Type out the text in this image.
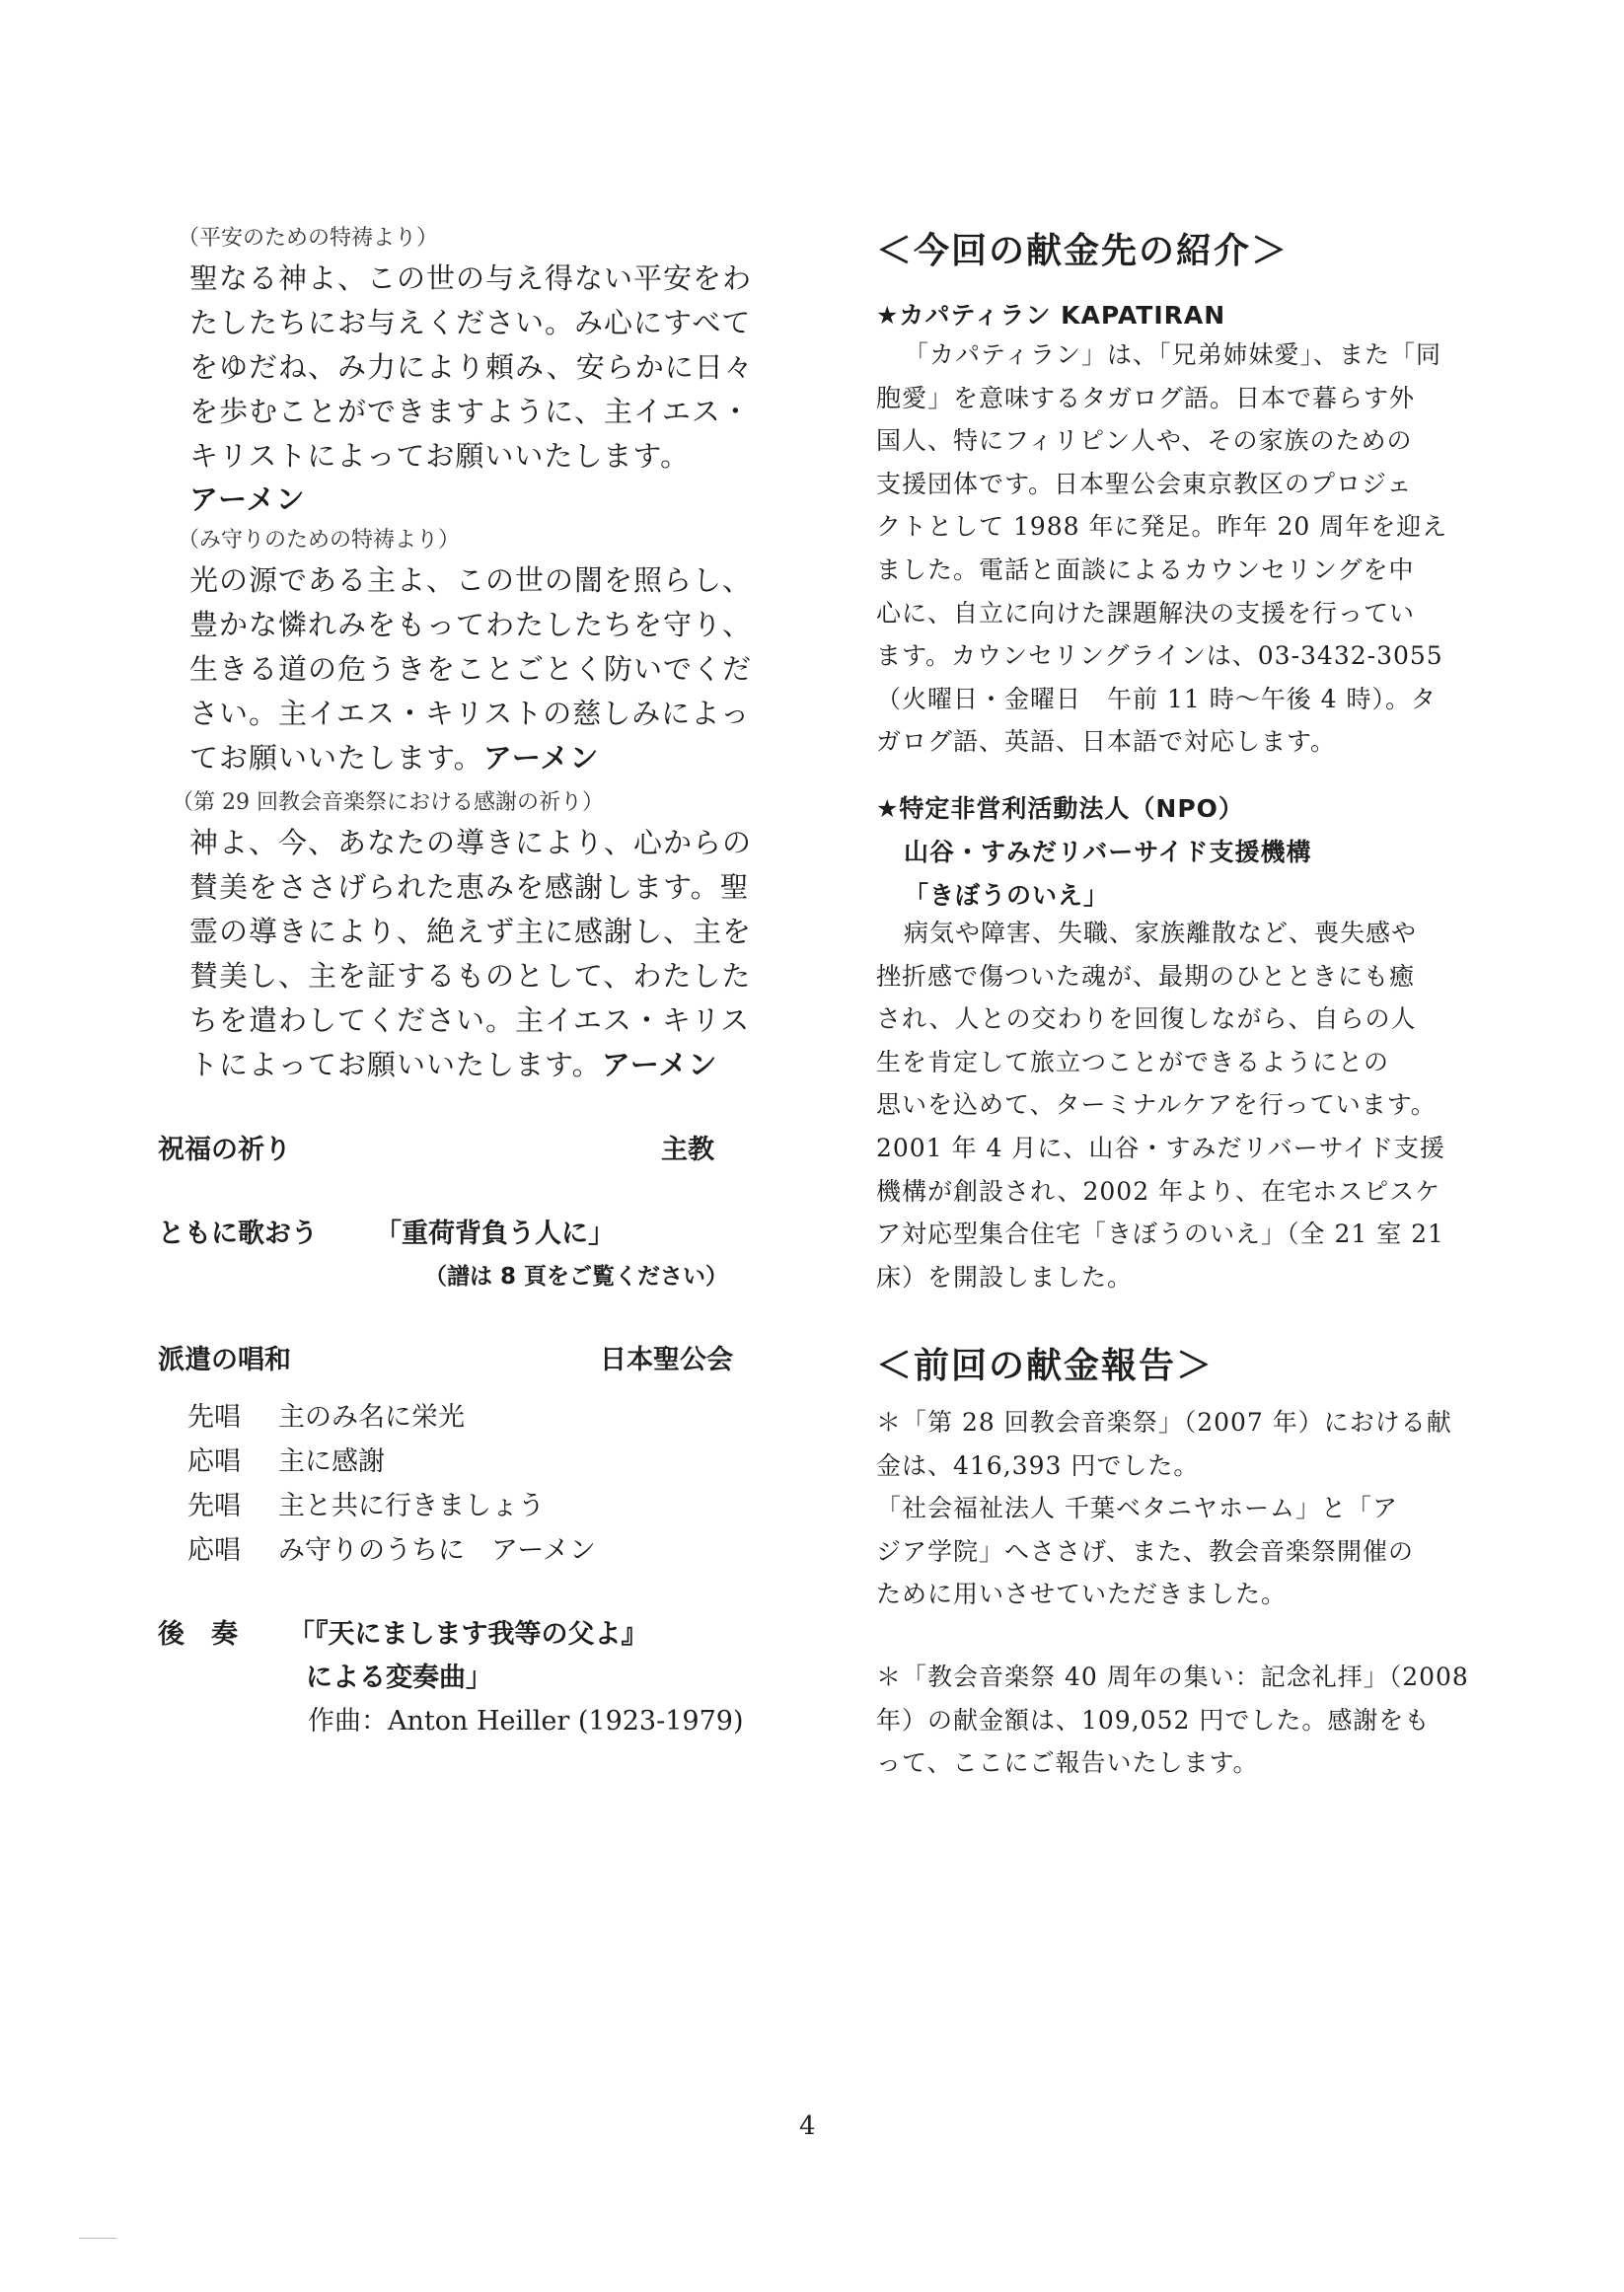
（平安のための特祷より）
聖なる神よ、この世の与え得ない平安をわ
たしたちにお与えください。み心にすべて
をゆだね、み力により頼み、安らかに日々
を歩むことができますように、主イエス・
キリストによってお願いいたします。
アーメン
（み守りのための特祷より）
光の源である主よ、この世の闇を照らし、
豊かな憐れみをもってわたしたちを守り、
生きる道の危うきをことごとく防いでくだ
さい。主イエス・キリストの慈しみによっ
てお願いいたします。アーメン
（第 29 回教会音楽祭における感謝の祈り）
神よ、今、あなたの導きにより、心からの
賛美をささげられた恵みを感謝します。聖
霊の導きにより、絶えず主に感謝し、主を
賛美し、主を証するものとして、わたした
ちを遣わしてください。主イエス・キリス
トによってお願いいたします。アーメン
祝福の祈り	主教
ともに歌おう 「重荷背負う人に」
（譜は 8 頁をご覧ください）
派遣の唱和	日本聖公会
先唱 主のみ名に栄光
応唱 主に感謝
先唱 主と共に行きましょう
応唱 み守りのうちに　アーメン
後　奏 「『天にまします我等の父よ』
による変奏曲」
作曲：Anton Heiller (1923-1979)
＜今回の献金先の紹介＞
★カパティラン KAPATIRAN
「カパティラン」は、「兄弟姉妹愛」、また「同
胞愛」を意味するタガログ語。日本で暮らす外
国人、特にフィリピン人や、その家族のための
支援団体です。日本聖公会東京教区のプロジェ
クトとして 1988 年に発足。昨年 20 周年を迎え
ました。電話と面談によるカウンセリングを中
心に、自立に向けた課題解決の支援を行ってい
ます。カウンセリングラインは、03-3432-3055
（火曜日・金曜日　午前 11 時～午後 4 時）。タ
ガログ語、英語、日本語で対応します。
★特定非営利活動法人（NPO）
山谷・すみだリバーサイド支援機構
「きぼうのいえ」
病気や障害、失職、家族離散など、喪失感や
挫折感で傷ついた魂が、最期のひとときにも癒
され、人との交わりを回復しながら、自らの人
生を肯定して旅立つことができるようにとの
思いを込めて、ターミナルケアを行っています。
2001 年 4 月に、山谷・すみだリバーサイド支援
機構が創設され、2002 年より、在宅ホスピスケ
ア対応型集合住宅「きぼうのいえ」（全 21 室 21
床）を開設しました。
＜前回の献金報告＞
＊「第 28 回教会音楽祭」（2007 年）における献
金は、416,393 円でした。
「社会福祉法人 千葉ベタニヤホーム」と「ア
ジア学院」へささげ、また、教会音楽祭開催の
ために用いさせていただきました。
＊「教会音楽祭 40 周年の集い：記念礼拝」（2008
年）の献金額は、109,052 円でした。感謝をも
って、ここにご報告いたします。
4
